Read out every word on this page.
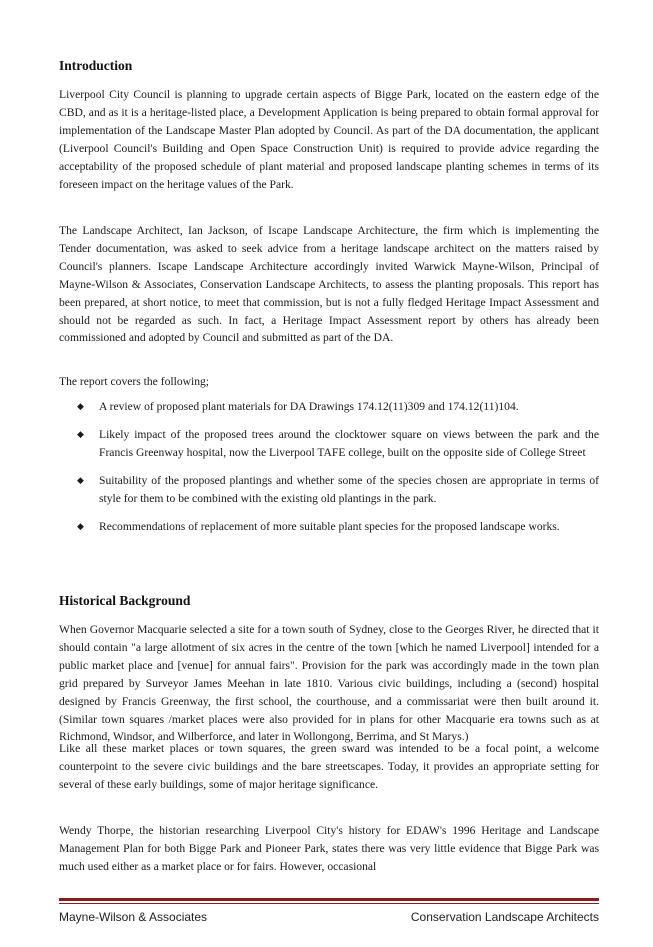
Introduction

Liverpool City Council is planning to upgrade certain aspects of Bigge Park, located on the eastern edge of the CBD, and as it is a heritage-listed place, a Development Application is being prepared to obtain formal approval for implementation of the Landscape Master Plan adopted by Council. As part of the DA documentation, the applicant (Liverpool Council's Building and Open Space Construction Unit) is required to provide advice regarding the acceptability of the proposed schedule of plant material and proposed landscape planting schemes in terms of its foreseen impact on the heritage values of the Park.

The Landscape Architect, Ian Jackson, of Iscape Landscape Architecture, the firm which is implementing the Tender documentation, was asked to seek advice from a heritage landscape architect on the matters raised by Council's planners. Iscape Landscape Architecture accordingly invited Warwick Mayne-Wilson, Principal of Mayne-Wilson & Associates, Conservation Landscape Architects, to assess the planting proposals. This report has been prepared, at short notice, to meet that commission, but is not a fully fledged Heritage Impact Assessment and should not be regarded as such. In fact, a Heritage Impact Assessment report by others has already been commissioned and adopted by Council and submitted as part of the DA.

The report covers the following;

◆ A review of proposed plant materials for DA Drawings 174.12(11)309 and 174.12(11)104.
◆ Likely impact of the proposed trees around the clocktower square on views between the park and the Francis Greenway hospital, now the Liverpool TAFE college, built on the opposite side of College Street
◆ Suitability of the proposed plantings and whether some of the species chosen are appropriate in terms of style for them to be combined with the existing old plantings in the park.
◆ Recommendations of replacement of more suitable plant species for the proposed landscape works.
Historical Background

When Governor Macquarie selected a site for a town south of Sydney, close to the Georges River, he directed that it should contain "a large allotment of six acres in the centre of the town [which he named Liverpool] intended for a public market place and [venue] for annual fairs". Provision for the park was accordingly made in the town plan grid prepared by Surveyor James Meehan in late 1810. Various civic buildings, including a (second) hospital designed by Francis Greenway, the first school, the courthouse, and a commissariat were then built around it. (Similar town squares /market places were also provided for in plans for other Macquarie era towns such as at Richmond, Windsor, and Wilberforce, and later in Wollongong, Berrima, and St Marys.)

Like all these market places or town squares, the green sward was intended to be a focal point, a welcome counterpoint to the severe civic buildings and the bare streetscapes. Today, it provides an appropriate setting for several of these early buildings, some of major heritage significance.

Wendy Thorpe, the historian researching Liverpool City's history for EDAW's 1996 Heritage and Landscape Management Plan for both Bigge Park and Pioneer Park, states there was very little evidence that Bigge Park was much used either as a market place or for fairs. However, occasional

Mayne-Wilson & Associates	Conservation Landscape Architects
